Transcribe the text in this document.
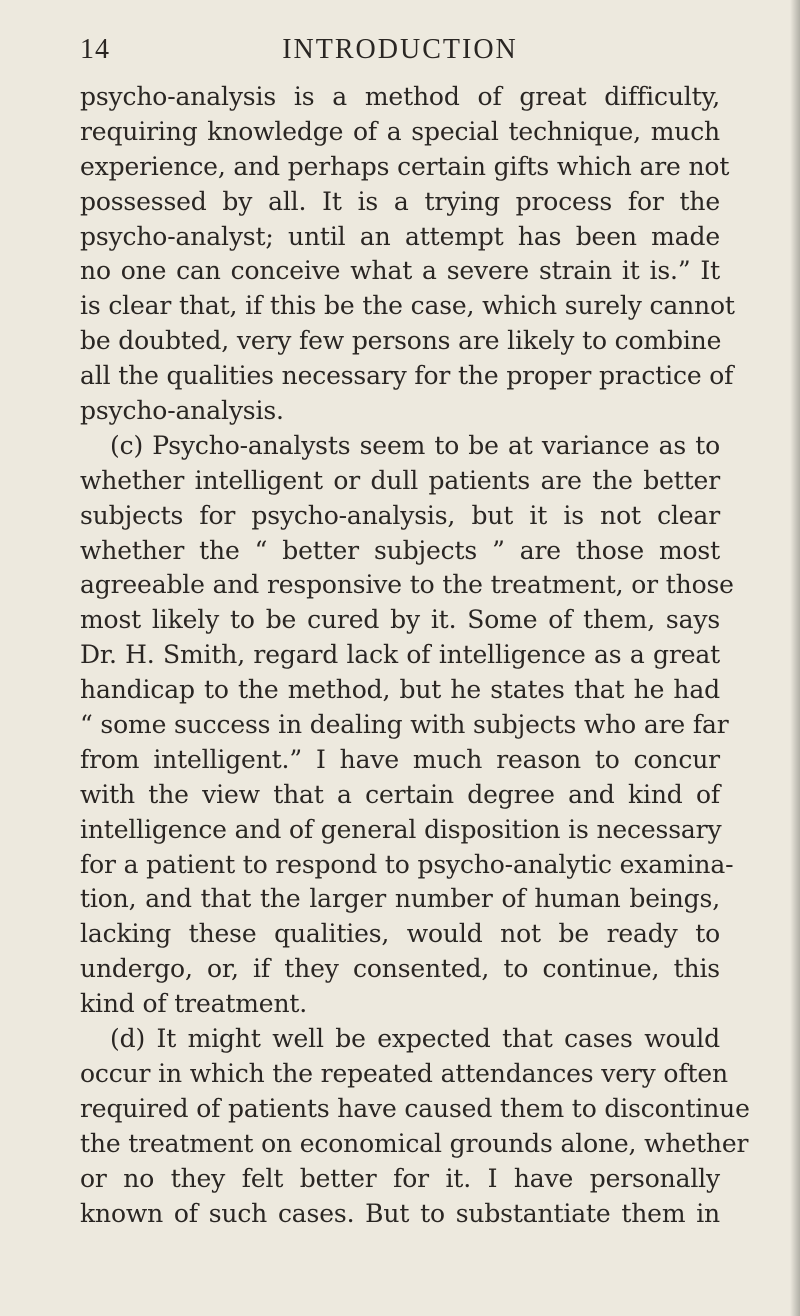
14	INTRODUCTION
psycho-analysis is a method of great difficulty,
requiring knowledge of a special technique, much
experience, and perhaps certain gifts which are not
possessed by all. It is a trying process for the
psycho-analyst; until an attempt has been made
no one can conceive what a severe strain it is.” It
is clear that, if this be the case, which surely cannot
be doubted, very few persons are likely to combine
all the qualities necessary for the proper practice of
psycho-analysis.
(c) Psycho-analysts seem to be at variance as to
whether intelligent or dull patients are the better
subjects for psycho-analysis, but it is not clear
whether the “ better subjects ” are those most
agreeable and responsive to the treatment, or those
most likely to be cured by it. Some of them, says
Dr. H. Smith, regard lack of intelligence as a great
handicap to the method, but he states that he had
“ some success in dealing with subjects who are far
from intelligent.” I have much reason to concur
with the view that a certain degree and kind of
intelligence and of general disposition is necessary
for a patient to respond to psycho-analytic examina-
tion, and that the larger number of human beings,
lacking these qualities, would not be ready to
undergo, or, if they consented, to continue, this
kind of treatment.
(d) It might well be expected that cases would
occur in which the repeated attendances very often
required of patients have caused them to discontinue
the treatment on economical grounds alone, whether
or no they felt better for it. I have personally
known of such cases. But to substantiate them in
